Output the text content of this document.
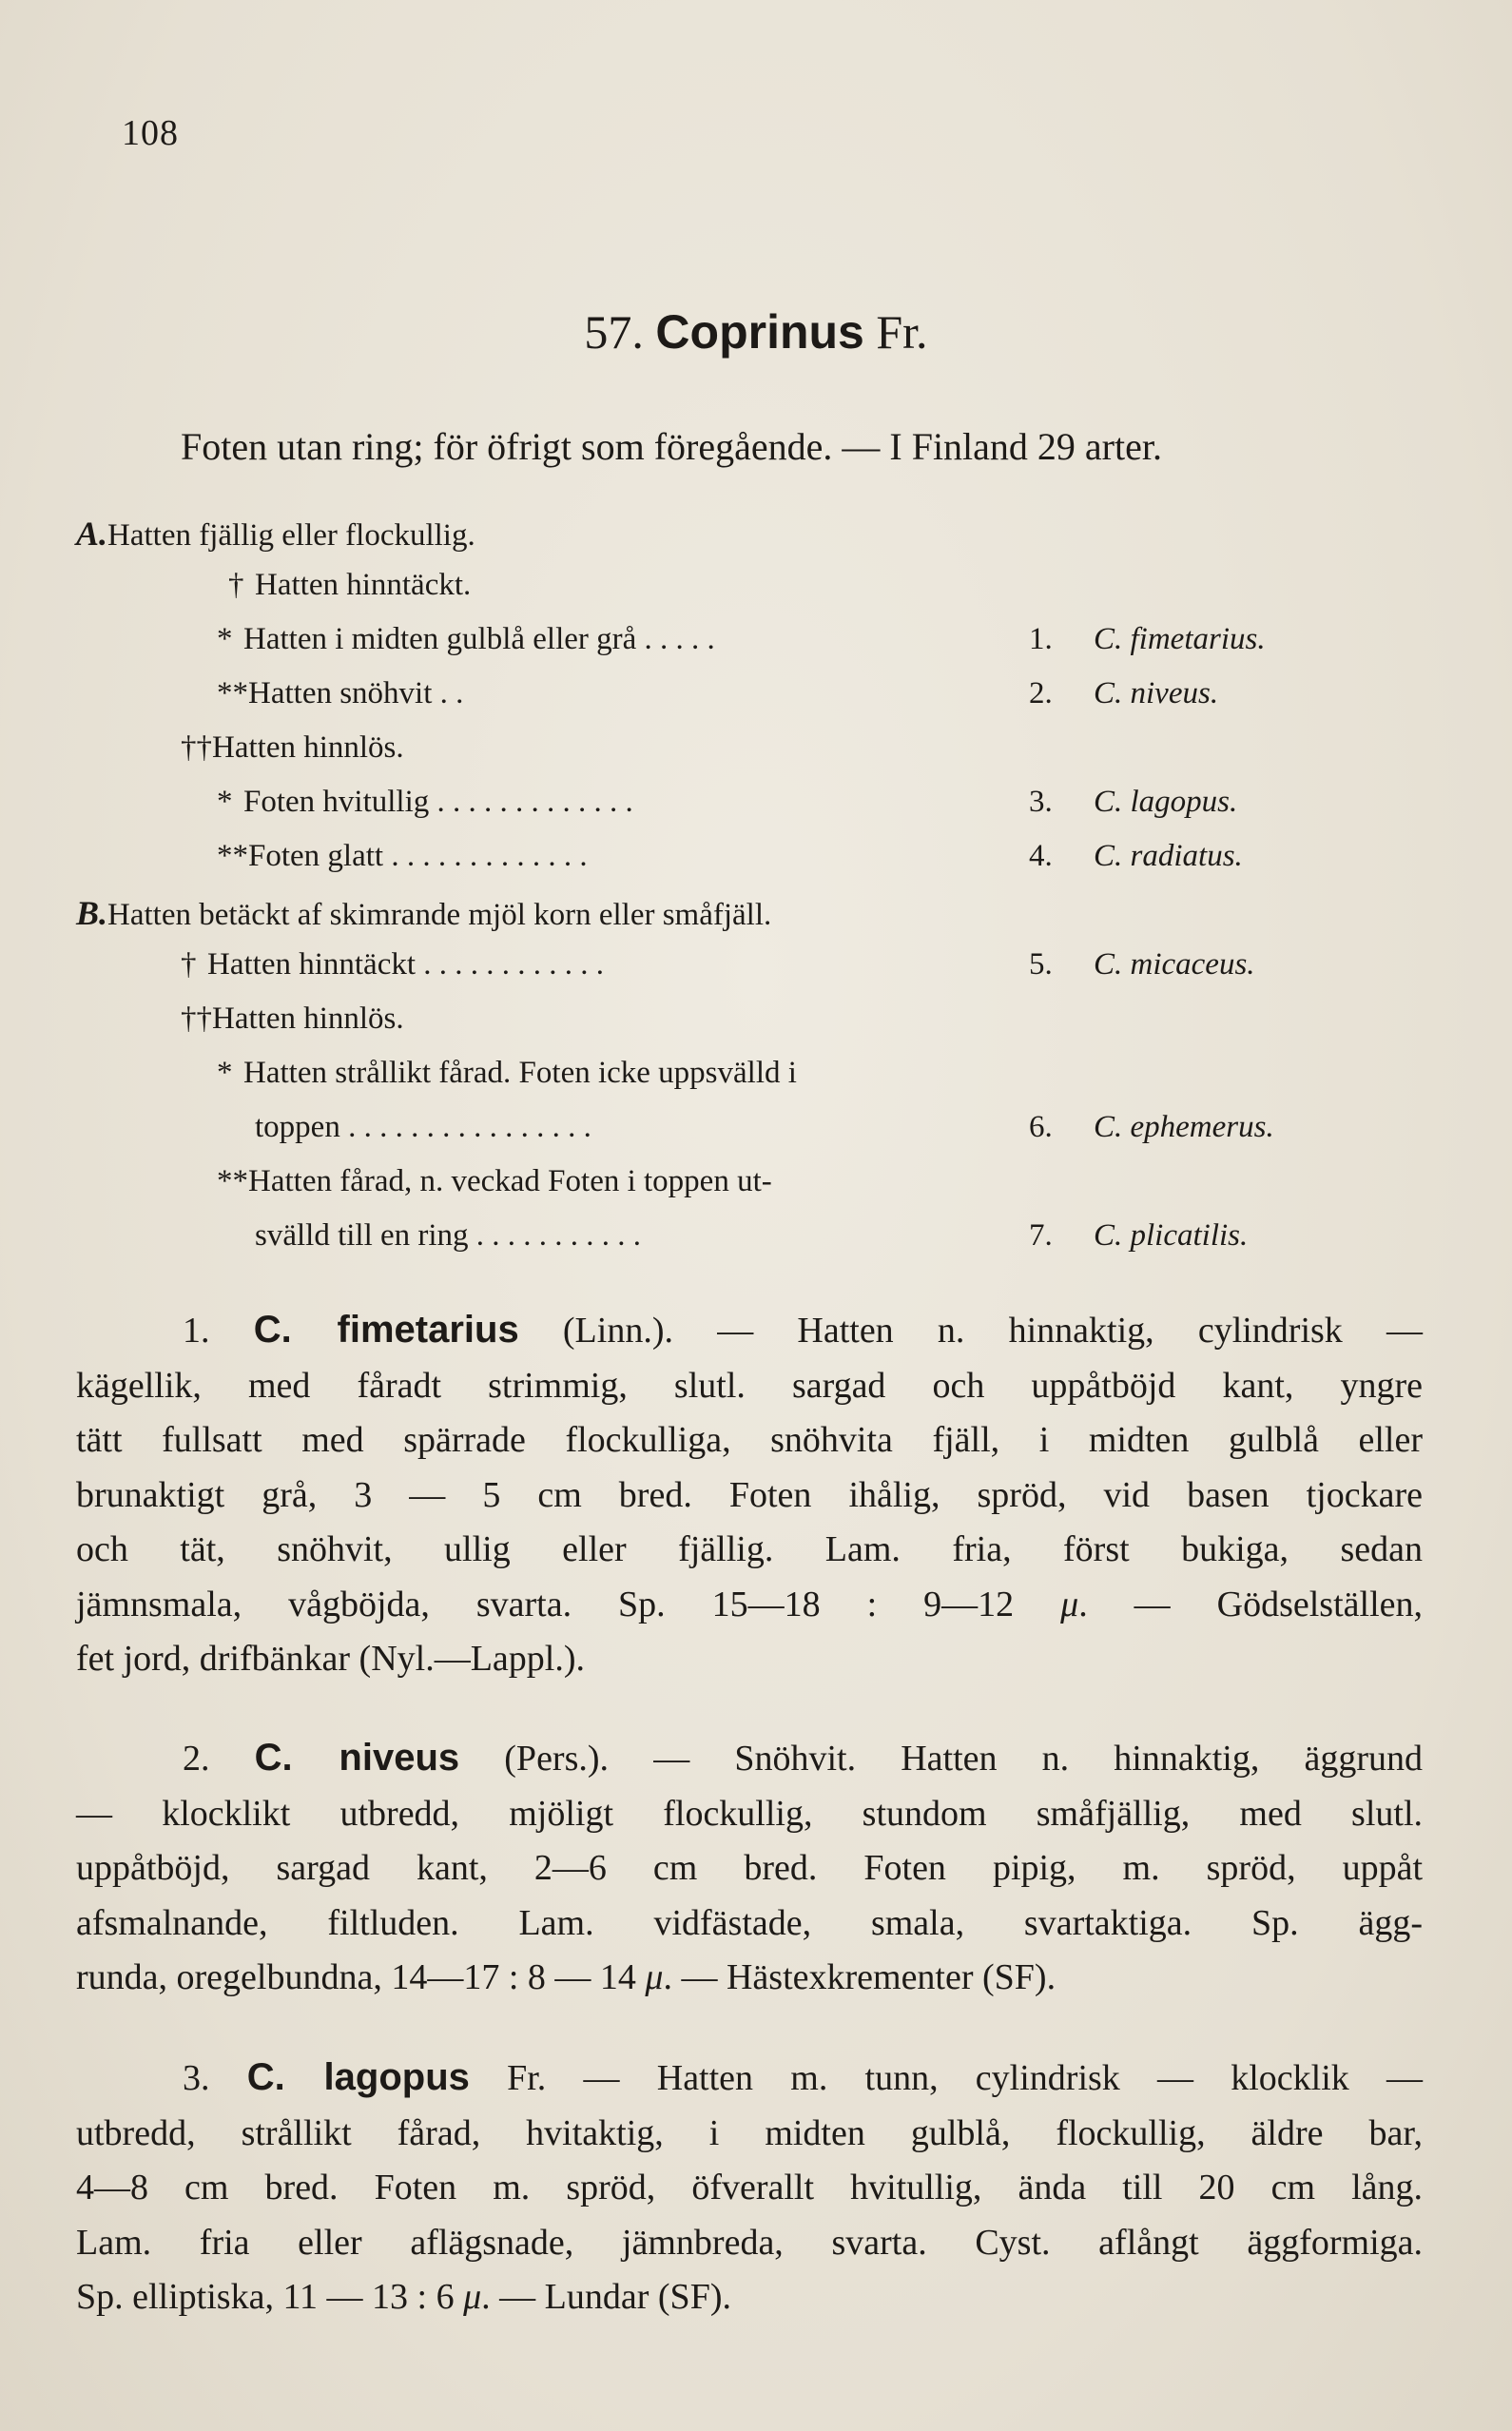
108
57. Coprinus Fr.
Foten utan ring; för öfrigt som föregående. — I Finland 29 arter.
A.Hatten fjällig eller flockullig.
†Hatten hinntäckt.
*Hatten i midten gulblå eller grå . . . . .	1. C. fimetarius.
**Hatten snöhvit . .	2. C. niveus.
††Hatten hinnlös.
*Foten hvitullig . . . . . . . . . . . . .	3. C. lagopus.
**Foten glatt . . . . . . . . . . . . .	4. C. radiatus.
B.Hatten betäckt af skimrande mjöl korn eller småfjäll.
†Hatten hinntäckt . . . . . . . . . . . .	5. C. micaceus.
††Hatten hinnlös.
*Hatten strållikt fårad. Foten icke uppsvälld i
toppen . . . . . . . . . . . . . . . .	6. C. ephemerus.
**Hatten fårad, n. veckad Foten i toppen ut-
svälld till en ring . . . . . . . . . . .	7. C. plicatilis.
1. C. fimetarius (Linn.). — Hatten n. hinnaktig, cylindrisk —
kägellik, med fåradt strimmig, slutl. sargad och uppåtböjd kant, yngre
tätt fullsatt med spärrade flockulliga, snöhvita fjäll, i midten gulblå eller
brunaktigt grå, 3 — 5 cm bred. Foten ihålig, spröd, vid basen tjockare
och tät, snöhvit, ullig eller fjällig. Lam. fria, först bukiga, sedan
jämnsmala, vågböjda, svarta. Sp. 15—18 : 9—12 μ. — Gödselställen,
fet jord, drifbänkar (Nyl.—Lappl.).
2. C. niveus (Pers.). — Snöhvit. Hatten n. hinnaktig, äggrund
— klocklikt utbredd, mjöligt flockullig, stundom småfjällig, med slutl.
uppåtböjd, sargad kant, 2—6 cm bred. Foten pipig, m. spröd, uppåt
afsmalnande, filtluden. Lam. vidfästade, smala, svartaktiga. Sp. ägg-
runda, oregelbundna, 14—17 : 8 — 14 μ. — Hästexkrementer (SF).
3. C. lagopus Fr. — Hatten m. tunn, cylindrisk — klocklik —
utbredd, strållikt fårad, hvitaktig, i midten gulblå, flockullig, äldre bar,
4—8 cm bred. Foten m. spröd, öfverallt hvitullig, ända till 20 cm lång.
Lam. fria eller aflägsnade, jämnbreda, svarta. Cyst. aflångt äggformiga.
Sp. elliptiska, 11 — 13 : 6 μ. — Lundar (SF).
